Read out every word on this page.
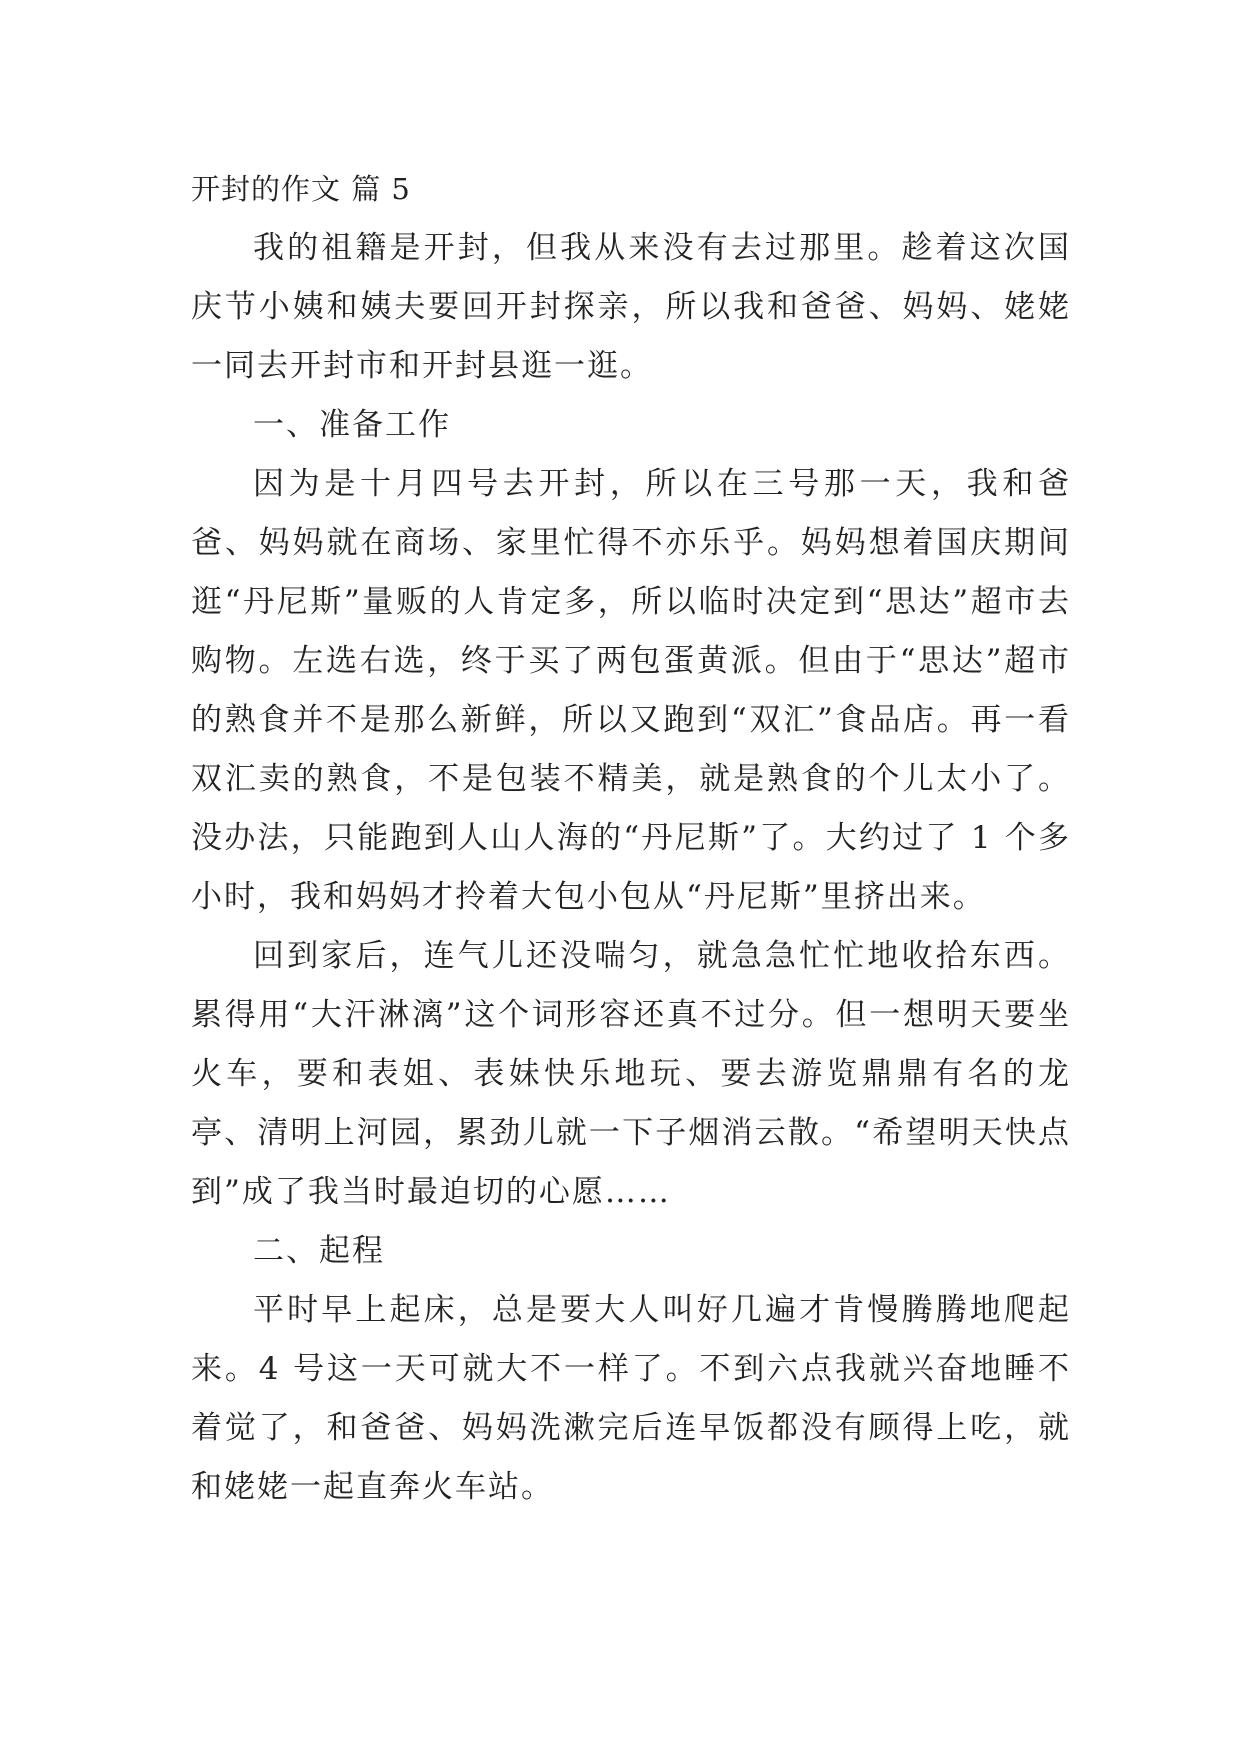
开封的作文 篇 5

我的祖籍是开封，但我从来没有去过那里。趁着这次国庆节小姨和姨夫要回开封探亲，所以我和爸爸、妈妈、姥姥一同去开封市和开封县逛一逛。

一、准备工作

因为是十月四号去开封，所以在三号那一天，我和爸爸、妈妈就在商场、家里忙得不亦乐乎。妈妈想着国庆期间逛“丹尼斯”量贩的人肯定多，所以临时决定到“思达”超市去购物。左选右选，终于买了两包蛋黄派。但由于“思达”超市的熟食并不是那么新鲜，所以又跑到“双汇”食品店。再一看双汇卖的熟食，不是包装不精美，就是熟食的个儿太小了。没办法，只能跑到人山人海的“丹尼斯”了。大约过了 1 个多小时，我和妈妈才拎着大包小包从“丹尼斯”里挤出来。

回到家后，连气儿还没喘匀，就急急忙忙地收拾东西。累得用“大汗淋漓”这个词形容还真不过分。但一想明天要坐火车，要和表姐、表妹快乐地玩、要去游览鼎鼎有名的龙亭、清明上河园，累劲儿就一下子烟消云散。“希望明天快点到”成了我当时最迫切的心愿……

二、起程

平时早上起床，总是要大人叫好几遍才肯慢腾腾地爬起来。4 号这一天可就大不一样了。不到六点我就兴奋地睡不着觉了，和爸爸、妈妈洗漱完后连早饭都没有顾得上吃，就和姥姥一起直奔火车站。
